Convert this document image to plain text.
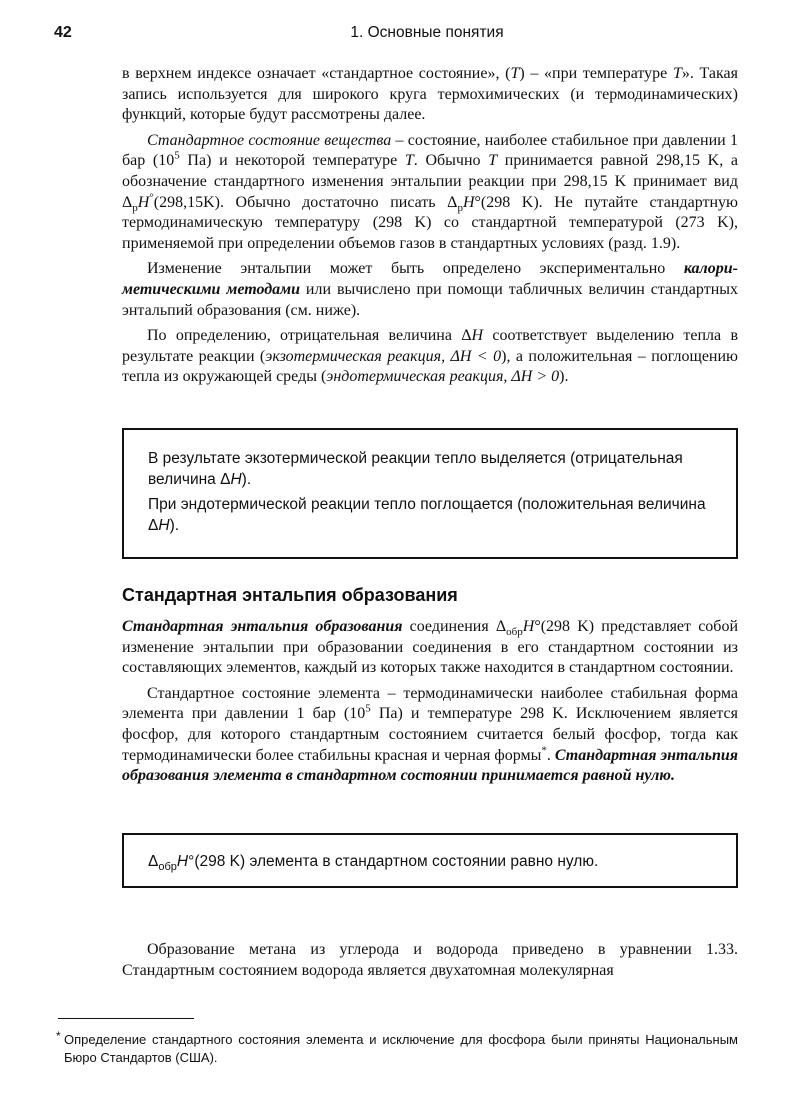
42	1. Основные понятия

в верхнем индексе означает «стандартное состояние», (T) – «при температуре T». Такая запись используется для широкого круга термохимических (и термодинамических) функций, которые будут рассмотрены далее.

Стандартное состояние вещества – состояние, наиболее стабильное при давлении 1 бар ($10^5$ Па) и некоторой температуре T. Обычно T принимается равной 298,15 K, а обозначение стандартного изменения энтальпии реакции при 298,15 K принимает вид $\Delta_рH^\circ(298,15K)$. Обычно достаточно писать $\Delta_рH^\circ(298$ K). Не путайте стандартную термодинамическую температуру (298 K) со стандартной температурой (273 K), применяемой при определении объемов газов в стандартных условиях (разд. 1.9).

Изменение энтальпии может быть определено экспериментально калориметическими методами или вычислено при помощи табличных величин стандартных энтальпий образования (см. ниже).

По определению, отрицательная величина ΔH соответствует выделению тепла в результате реакции (экзотермическая реакция, ΔH < 0), а положительная – поглощению тепла из окружающей среды (эндотермическая реакция, ΔH > 0).

В результате экзотермической реакции тепло выделяется (отрицательная величина ΔH).

При эндотермической реакции тепло поглощается (положительная величина ΔH).

Стандартная энтальпия образования

Стандартная энтальпия образования соединения $\Delta_{обр}H^\circ(298$ K) представляет собой изменение энтальпии при образовании соединения в его стандартном состоянии из составляющих элементов, каждый из которых также находится в стандартном состоянии.

Стандартное состояние элемента – термодинамически наиболее стабильная форма элемента при давлении 1 бар ($10^5$ Па) и температуре 298 K. Исключением является фосфор, для которого стандартным состоянием считается белый фосфор, тогда как термодинамически более стабильны красная и черная формы*. Стандартная энтальпия образования элемента в стандартном состоянии принимается равной нулю.

$\Delta_{обр}H^\circ(298$ K) элемента в стандартном состоянии равно нулю.

Образование метана из углерода и водорода приведено в уравнении 1.33. Стандартным состоянием водорода является двухатомная молекулярная

* Определение стандартного состояния элемента и исключение для фосфора были приняты Национальным Бюро Стандартов (США).
